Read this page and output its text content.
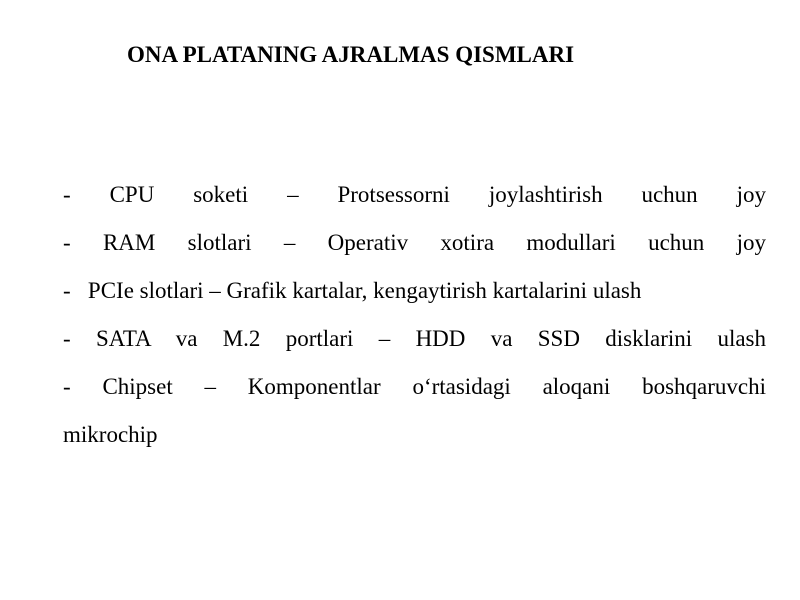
ONA PLATANING AJRALMAS QISMLARI
- CPU soketi – Protsessorni joylashtirish uchun joy
- RAM slotlari – Operativ xotira modullari uchun joy
-   PCIe slotlari – Grafik kartalar, kengaytirish kartalarini ulash
- SATA va M.2 portlari – HDD va SSD disklarini ulash
- Chipset – Komponentlar o‘rtasidagi aloqani boshqaruvchi
mikrochip
